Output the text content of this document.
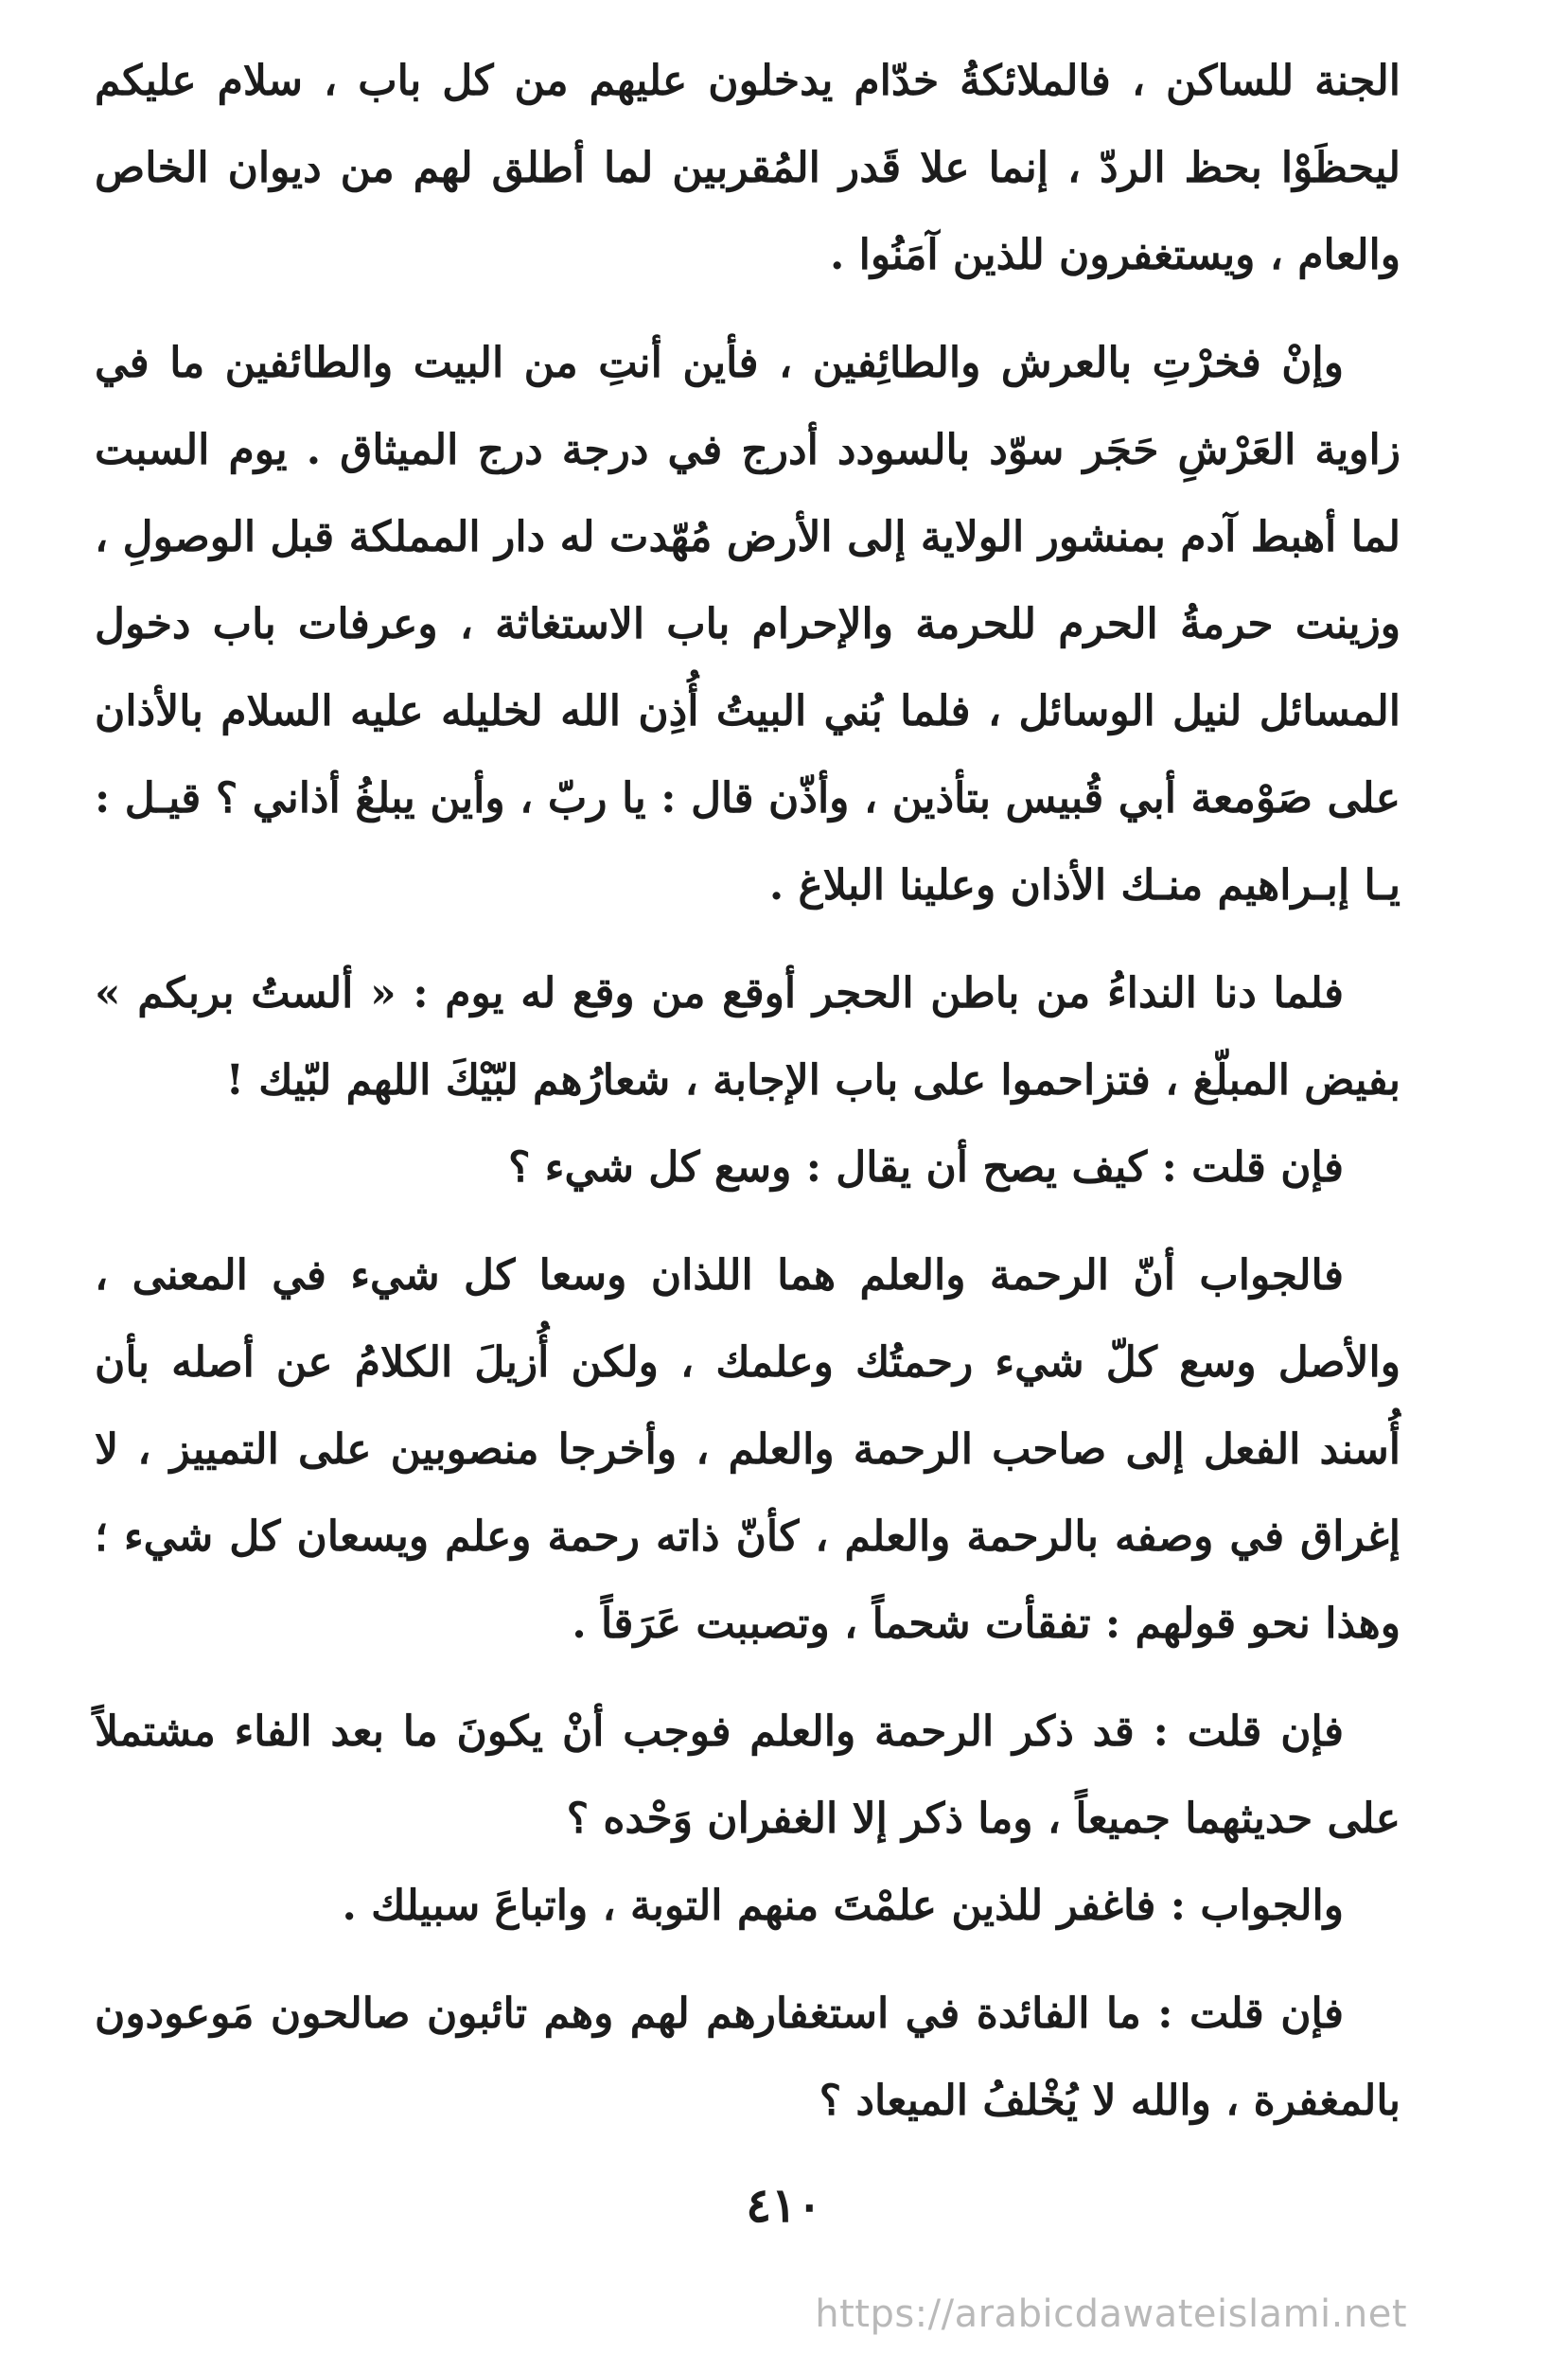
الجنة للساكن ، فالملائكةُ خدّام يدخلون عليهم من كل باب ، سلام عليكم ليحظَوْا بحظ الردّ ، إنما علا قَدر المُقربين لما أطلق لهم من ديوان الخاص والعام ، ويستغفرون للذين آمَنُوا .

وإنْ فخرْتِ بالعرش والطائِفين ، فأين أنتِ من البيت والطائفين ما في زاوية العَرْشِ حَجَر سوّد بالسودد أدرج في درجة درج الميثاق . يوم السبت لما أهبط آدم بمنشور الولاية إلى الأرض مُهّدت له دار المملكة قبل الوصولِ ، وزينت حرمةُ الحرم للحرمة والإحرام باب الاستغاثة ، وعرفات باب دخول المسائل لنيل الوسائل ، فلما بُني البيتُ أُذِن الله لخليله عليه السلام بالأذان على صَوْمعة أبي قُبيس بتأذين ، وأذّن قال : يا ربّ ، وأين يبلغُ أذاني ؟ قيـل : يـا إبـراهيم منـك الأذان وعلينا البلاغ .

فلما دنا النداءُ من باطن الحجر أوقع من وقع له يوم : « ألستُ بربكم » بفيض المبلّغ ، فتزاحموا على باب الإجابة ، شعارُهم لبّيْكَ اللهم لبّيك !

فإن قلت : كيف يصح أن يقال : وسع كل شيء ؟

فالجواب أنّ الرحمة والعلم هما اللذان وسعا كل شيء في المعنى ، والأصل وسع كلّ شيء رحمتُك وعلمك ، ولكن أُزيلَ الكلامُ عن أصله بأن أُسند الفعل إلى صاحب الرحمة والعلم ، وأخرجا منصوبين على التمييز ، لا إغراق في وصفه بالرحمة والعلم ، كأنّ ذاته رحمة وعلم ويسعان كل شيء ؛ وهذا نحو قولهم : تفقأت شحماً ، وتصببت عَرَقاً .

فإن قلت : قد ذكر الرحمة والعلم فوجب أنْ يكونَ ما بعد الفاء مشتملاً على حديثهما جميعاً ، وما ذكر إلا الغفران وَحْده ؟

والجواب : فاغفر للذين علمْتَ منهم التوبة ، واتباعَ سبيلك .

فإن قلت : ما الفائدة في استغفارهم لهم وهم تائبون صالحون مَوعودون بالمغفرة ، والله لا يُخْلفُ الميعاد ؟

٤١٠
https://arabicdawateislami.net
